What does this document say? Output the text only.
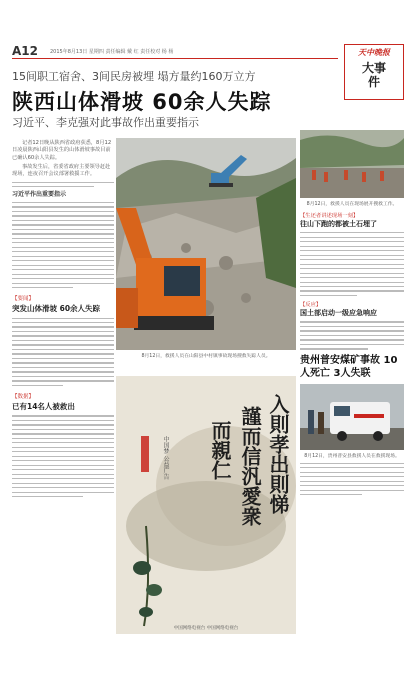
A12 2015年8月13日 星期四 责任编辑 戴 红 责任校对 杨 杨	天中晚报
大事件
15间职工宿舍、3间民房被埋 塌方量约160万立方
陕西山体滑坡 60余人失踪
习近平、李克强对此事故作出重要指示

记者12日晚从陕西省政府获悉，8月12日凌晨陕西山阳县发生的山体滑坡事故目前已确认60余人失踪。

事故发生后，省委省政府主要领导赶赴现场，连夜召开会议部署救援工作。

习近平作出重要指示
【要闻】
突发山体滑坡 60余人失踪
【数据】
已有14名人被救出
8月12日，救援人员在山阳县中村镇事故现场搜救失踪人员。
入則孝出則悌
謹而信汎愛衆
而親仁
中国梦 公益广告
中国网络电视台 中国网络电视台
8月12日，救援人员在现场展开搜救工作。
【生还者讲述现场一刻】
往山下跑的都被土石埋了
【反应】
国土部启动一级应急响应
贵州普安煤矿事故 10人死亡 3人失联
8月12日，贵州普安县救援人员在救援现场。
